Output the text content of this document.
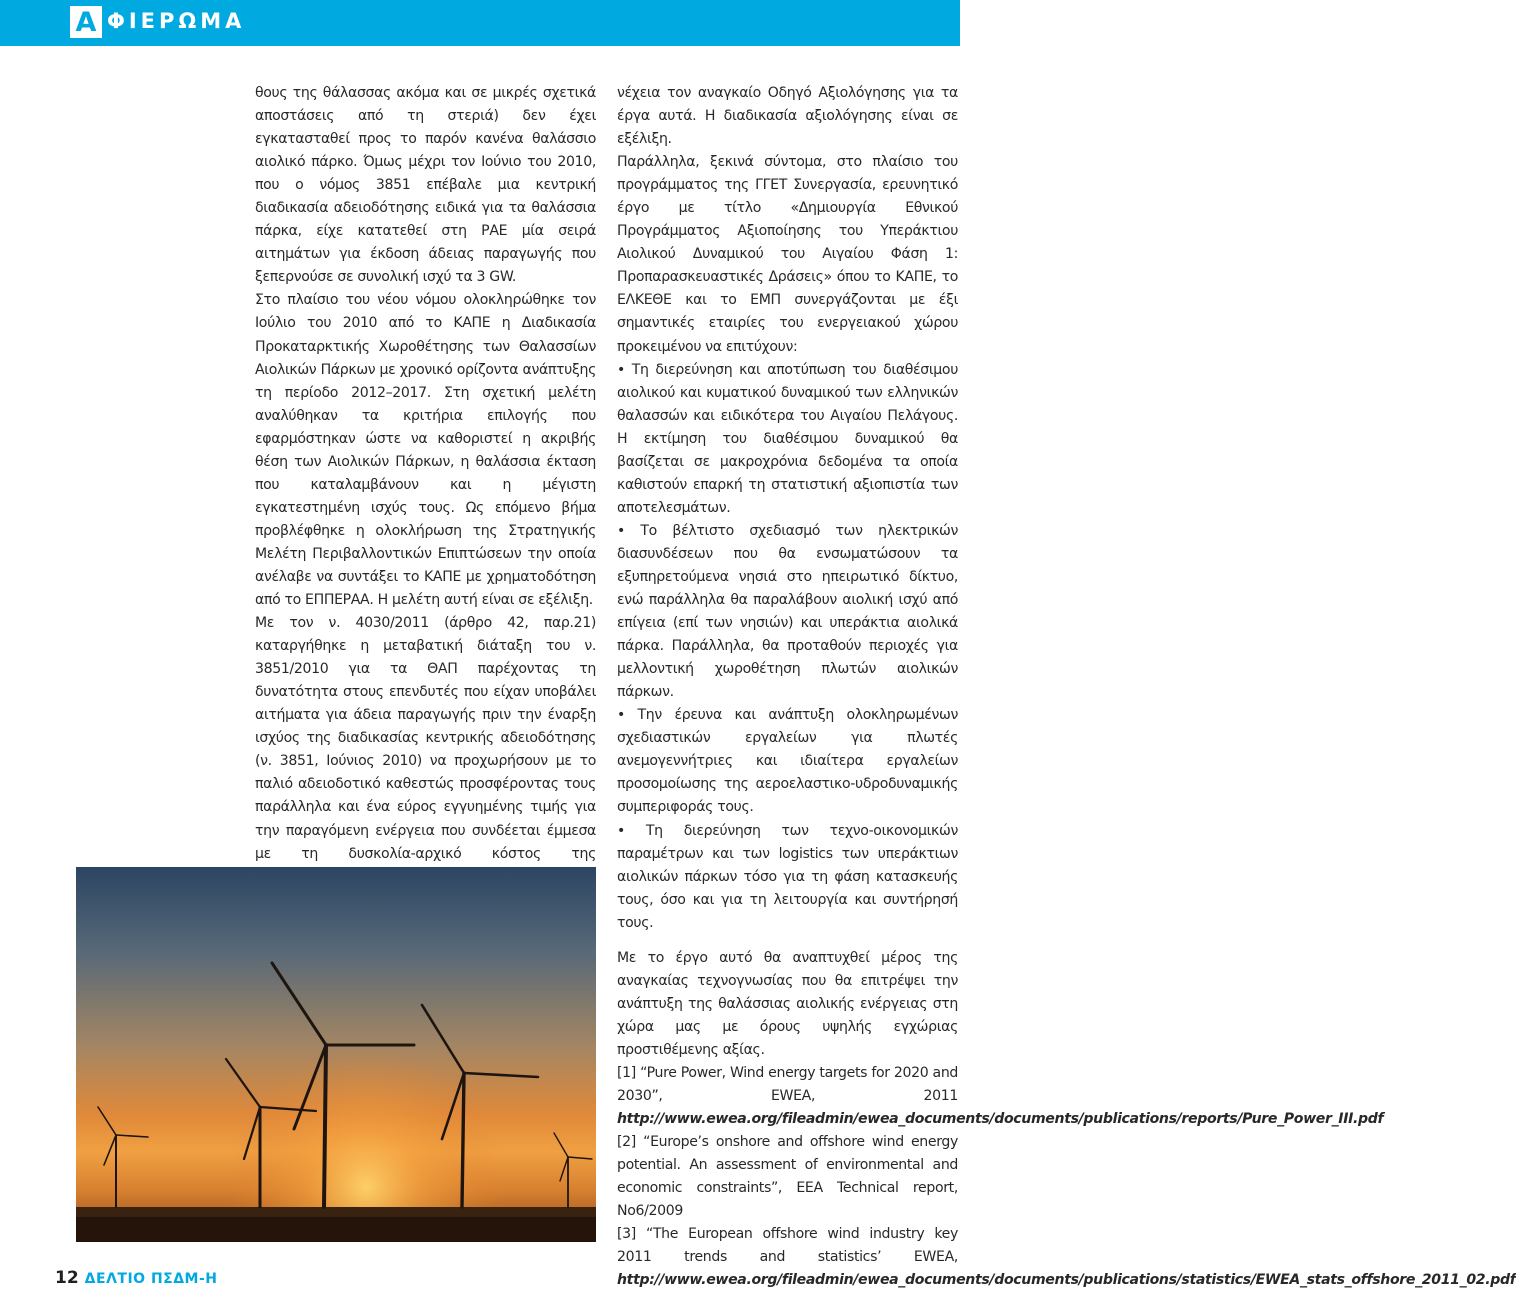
Α ΦΙΕΡΩΜΑ

θους της θάλασσας ακόμα και σε μικρές σχετικά αποστάσεις από τη στεριά) δεν έχει εγκατασταθεί προς το παρόν κανένα θαλάσσιο αιολικό πάρκο. Όμως μέχρι τον Ιούνιο του 2010, που ο νόμος 3851 επέβαλε μια κεντρική διαδικασία αδειοδότησης ειδικά για τα θαλάσσια πάρκα, είχε κατατεθεί στη ΡΑΕ μία σειρά αιτημάτων για έκδοση άδειας παραγωγής που ξεπερνούσε σε συνολική ισχύ τα 3 GW.

Στο πλαίσιο του νέου νόμου ολοκληρώθηκε τον Ιούλιο του 2010 από το ΚΑΠΕ η Διαδικασία Προκαταρκτικής Χωροθέτησης των Θαλασσίων Αιολικών Πάρκων με χρονικό ορίζοντα ανάπτυξης τη περίοδο 2012–2017. Στη σχετική μελέτη αναλύθηκαν τα κριτήρια επιλογής που εφαρμόστηκαν ώστε να καθοριστεί η ακριβής θέση των Αιολικών Πάρκων, η θαλάσσια έκταση που καταλαμβάνουν και η μέγιστη εγκατεστημένη ισχύς τους. Ως επόμενο βήμα προβλέφθηκε η ολοκλήρωση της Στρατηγικής Μελέτη Περιβαλλοντικών Επιπτώσεων την οποία ανέλαβε να συντάξει το ΚΑΠΕ με χρηματοδότηση από το ΕΠΠΕΡΑΑ. Η μελέτη αυτή είναι σε εξέλιξη.

Με τον ν. 4030/2011 (άρθρο 42, παρ.21) καταργήθηκε η μεταβατική διάταξη του ν. 3851/2010 για τα ΘΑΠ παρέχοντας τη δυνατότητα στους επενδυτές που είχαν υποβάλει αιτήματα για άδεια παραγωγής πριν την έναρξη ισχύος της διαδικασίας κεντρικής αδειοδότησης (ν. 3851, Ιούνιος 2010) να προχωρήσουν με το παλιό αδειοδοτικό καθεστώς προσφέροντας τους παράλληλα και ένα εύρος εγγυημένης τιμής για την παραγόμενη ενέργεια που συνδέεται έμμεσα με τη δυσκολία-αρχικό κόστος της

νέχεια τον αναγκαίο Οδηγό Αξιολόγησης για τα έργα αυτά. Η διαδικασία αξιολόγησης είναι σε εξέλιξη.

Παράλληλα, ξεκινά σύντομα, στο πλαίσιο του προγράμματος της ΓΓΕΤ Συνεργασία, ερευνητικό έργο με τίτλο «Δημιουργία Εθνικού Προγράμματος Αξιοποίησης του Υπεράκτιου Αιολικού Δυναμικού του Αιγαίου Φάση 1: Προπαρασκευαστικές Δράσεις» όπου το ΚΑΠΕ, το ΕΛΚΕΘΕ και το ΕΜΠ συνεργάζονται με έξι σημαντικές εταιρίες του ενεργειακού χώρου προκειμένου να επιτύχουν:

• Τη διερεύνηση και αποτύπωση του διαθέσιμου αιολικού και κυματικού δυναμικού των ελληνικών θαλασσών και ειδικότερα του Αιγαίου Πελάγους. Η εκτίμηση του διαθέσιμου δυναμικού θα βασίζεται σε μακροχρόνια δεδομένα τα οποία καθιστούν επαρκή τη στατιστική αξιοπιστία των αποτελεσμάτων.

• Το βέλτιστο σχεδιασμό των ηλεκτρικών διασυνδέσεων που θα ενσωματώσουν τα εξυπηρετούμενα νησιά στο ηπειρωτικό δίκτυο, ενώ παράλληλα θα παραλάβουν αιολική ισχύ από επίγεια (επί των νησιών) και υπεράκτια αιολικά πάρκα. Παράλληλα, θα προταθούν περιοχές για μελλοντική χωροθέτηση πλωτών αιολικών πάρκων.

• Την έρευνα και ανάπτυξη ολοκληρωμένων σχεδιαστικών εργαλείων για πλωτές ανεμογεννήτριες και ιδιαίτερα εργαλείων προσομοίωσης της αεροελαστικο-υδροδυναμικής συμπεριφοράς τους.

• Τη διερεύνηση των τεχνο-οικονομικών παραμέτρων και των logistics των υπεράκτιων αιολικών πάρκων τόσο για τη φάση κατασκευής τους, όσο και για τη λειτουργία και συντήρησή τους.

Με το έργο αυτό θα αναπτυχθεί μέρος της αναγκαίας τεχνογνωσίας που θα επιτρέψει την ανάπτυξη της θαλάσσιας αιολικής ενέργειας στη χώρα μας με όρους υψηλής εγχώριας προστιθέμενης αξίας.

[1] “Pure Power, Wind energy targets for 2020 and 2030”, EWEA, 2011 http://www.ewea.org/fileadmin/ewea_documents/documents/publications/reports/Pure_Power_III.pdf

[2] “Europe’s onshore and offshore wind energy potential. An assessment of environmental and economic constraints”, EEA Technical report, Νο6/2009

[3] “The European offshore wind industry key 2011 trends and statistics’ EWEA, http://www.ewea.org/fileadmin/ewea_documents/documents/publications/statistics/EWEA_stats_offshore_2011_02.pdf

12 ΔΕΛΤΙΟ ΠΣΔΜ-Η
